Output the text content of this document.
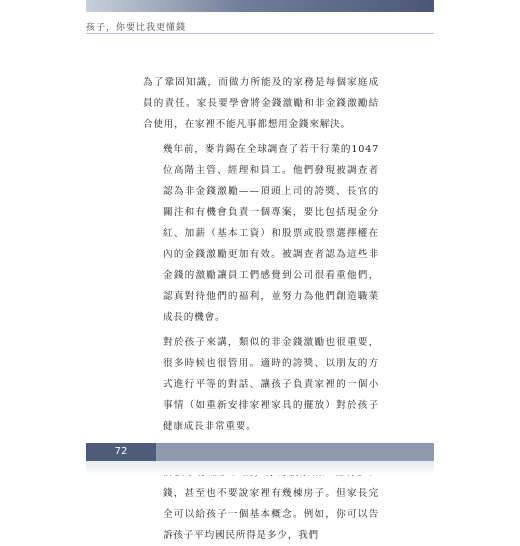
孩子，你要比我更懂錢

為了鞏固知識，而做力所能及的家務是每個家庭成員的責任。家長要學會將金錢激勵和非金錢激勵結合使用，在家裡不能凡事都想用金錢來解決。

幾年前，麥肯錫在全球調查了若干行業的1047位高階主管、經理和員工。他們發現被調查者認為非金錢激勵——頂頭上司的誇獎、長官的關注和有機會負責一個專案，要比包括現金分紅、加薪（基本工資）和股票或股票選擇權在內的金錢激勵更加有效。被調查者認為這些非金錢的激勵讓員工們感覺到公司很看重他們，認真對待他們的福利，並努力為他們創造職業成長的機會。

對於孩子來講，類似的非金錢激勵也很重要，很多時候也很管用。適時的誇獎、以朋友的方式進行平等的對話、讓孩子負責家裡的一個小事情（如重新安排家裡家具的擺放）對於孩子健康成長非常重要。

錢，甚至也不要說家裡有幾棟房子。但家長完全可以給孩子一個基本概念。例如，你可以告訴孩子平均國民所得是多少，我們

72
